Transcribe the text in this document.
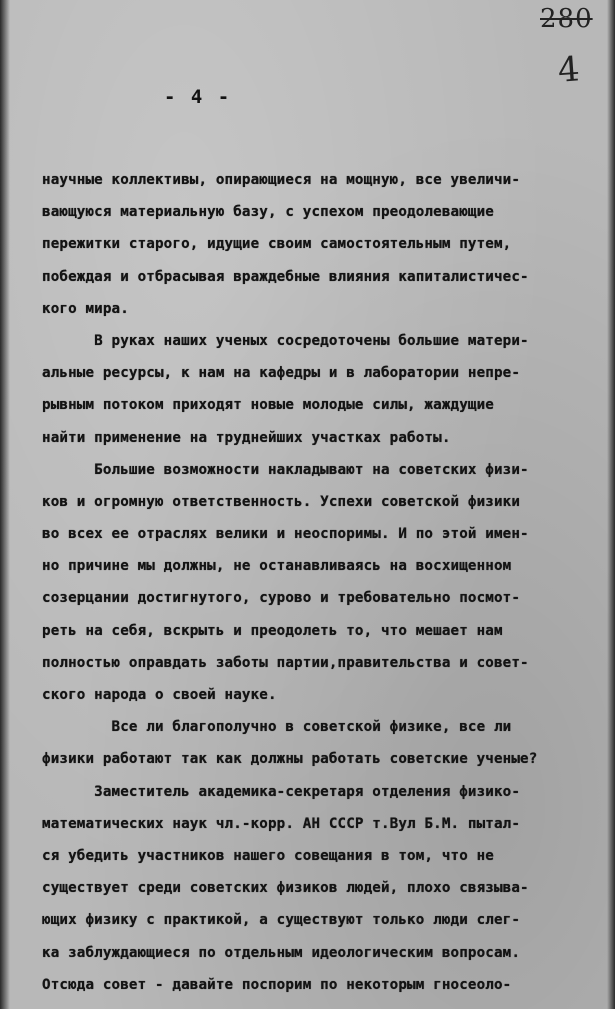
280
4
- 4 -
научные коллективы, опирающиеся на мощную, все увеличи-
вающуюся материальную базу, с успехом преодолевающие
пережитки старого, идущие своим самостоятельным путем,
побеждая и отбрасывая враждебные влияния капиталистичес-
кого мира.
В руках наших ученых сосредоточены большие матери-
альные ресурсы, к нам на кафедры и в лаборатории непре-
рывным потоком приходят новые молодые силы, жаждущие
найти применение на труднейших участках работы.
Большие возможности накладывают на советских физи-
ков и огромную ответственность. Успехи советской физики
во всех ее отраслях велики и неоспоримы. И по этой имен-
но причине мы должны, не останавливаясь на восхищенном
созерцании достигнутого, сурово и требовательно посмот-
реть на себя, вскрыть и преодолеть то, что мешает нам
полностью оправдать заботы партии,правительства и совет-
ского народа о своей науке.
Все ли благополучно в советской физике, все ли
физики работают так как должны работать советские ученые?
Заместитель академика-секретаря отделения физико-
математических наук чл.-корр. АН СССР т.Вул Б.М. пытал-
ся убедить участников нашего совещания в том, что не
существует среди советских физиков людей, плохо связыва-
ющих физику с практикой, а существуют только люди слег-
ка заблуждающиеся по отдельным идеологическим вопросам.
Отсюда совет - давайте поспорим по некоторым гносеоло-
